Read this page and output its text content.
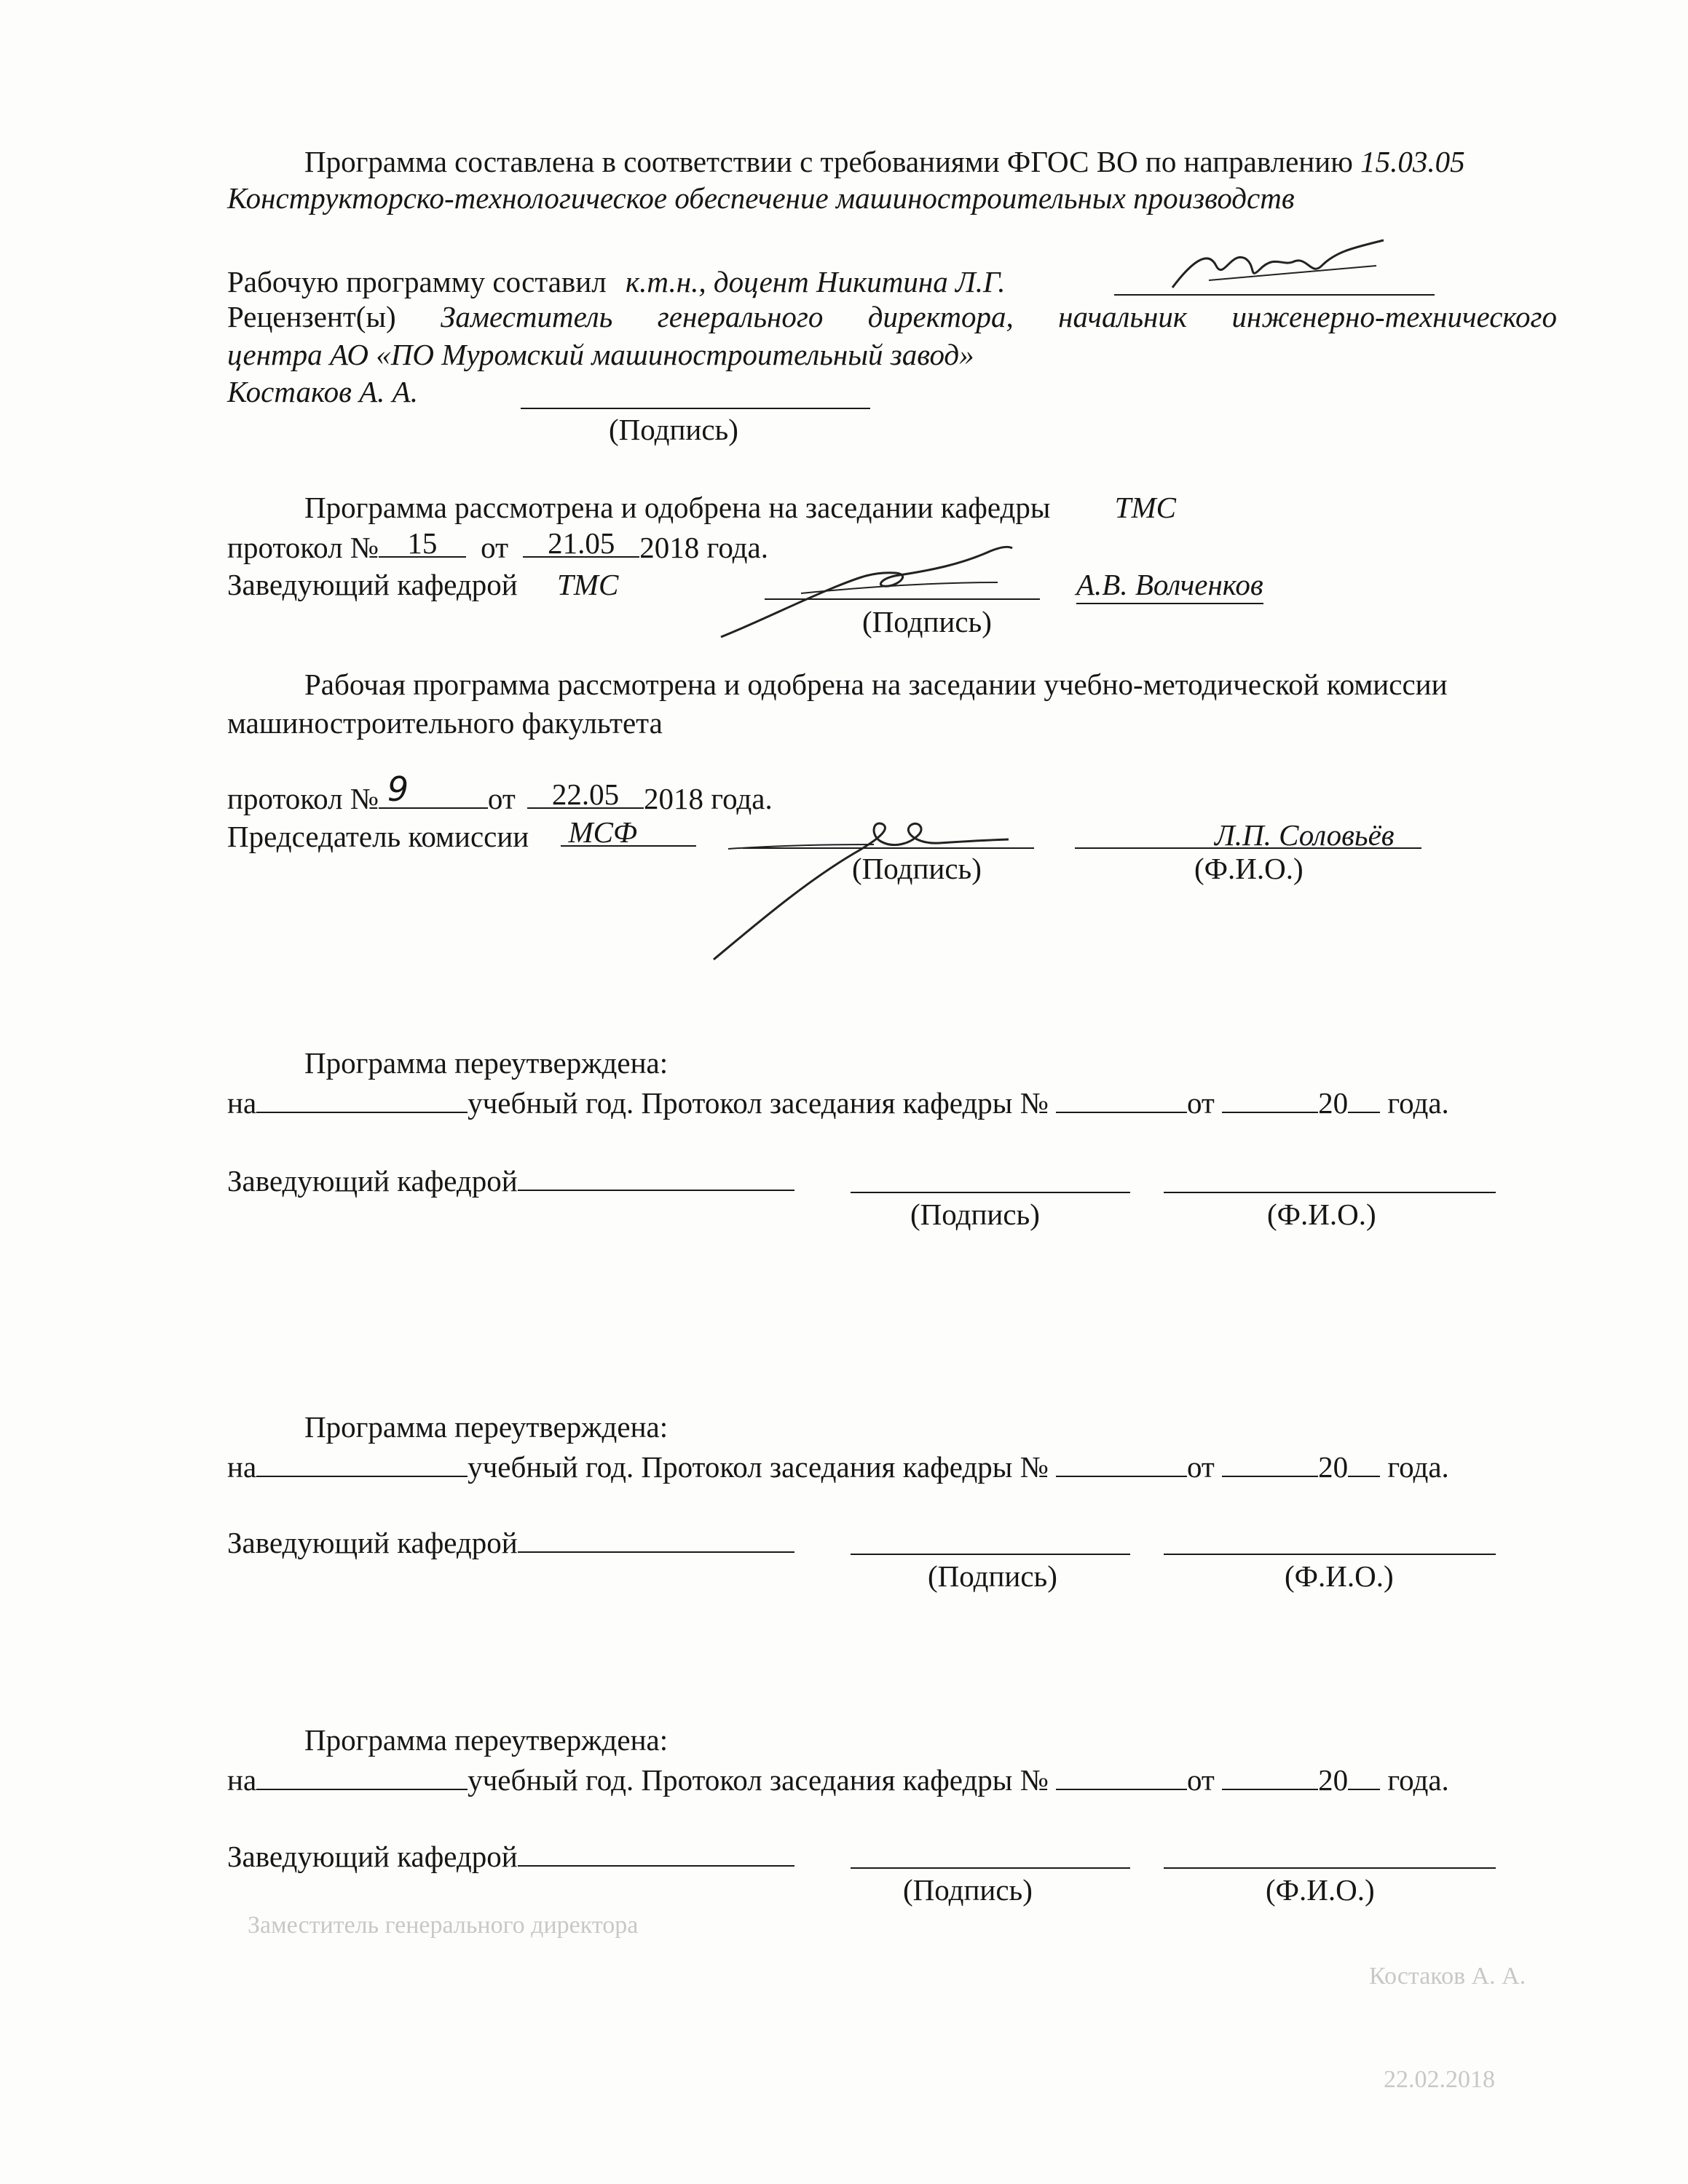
Программа составлена в соответствии с требованиями ФГОС ВО по направлению 15.03.05
Конструкторско-технологическое обеспечение машиностроительных производств
Рабочую программу составил к.т.н., доцент Никитина Л.Г.
Рецензент(ы) Заместитель генерального директора, начальник инженерно-технического
центра АО «ПО Муромский машиностроительный завод»
Костаков А. А.
(Подпись)
Программа рассмотрена и одобрена на заседании кафедры ТМС
протокол № 15	от	21.05 2018 года.
Заведующий кафедрой ТМС	А.В. Волченков
(Подпись)
Рабочая программа рассмотрена и одобрена на заседании учебно-методической комиссии
машиностроительного факультета
протокол № 9	от	22.05 2018 года.
Председатель комиссии МСФ	Л.П. Соловьёв
(Подпись)	(Ф.И.О.)
Программа переутверждена:
на	учебный год. Протокол заседания кафедры №	от	20 года.
Заведующий кафедрой
(Подпись)	(Ф.И.О.)
Программа переутверждена:
на	учебный год. Протокол заседания кафедры №	от	20 года.
Заведующий кафедрой
(Подпись)	(Ф.И.О.)
Программа переутверждена:
на	учебный год. Протокол заседания кафедры №	от	20 года.
Заведующий кафедрой
(Подпись)	(Ф.И.О.)
Заместитель генерального директора
Костаков А. А.
22.02.2018
